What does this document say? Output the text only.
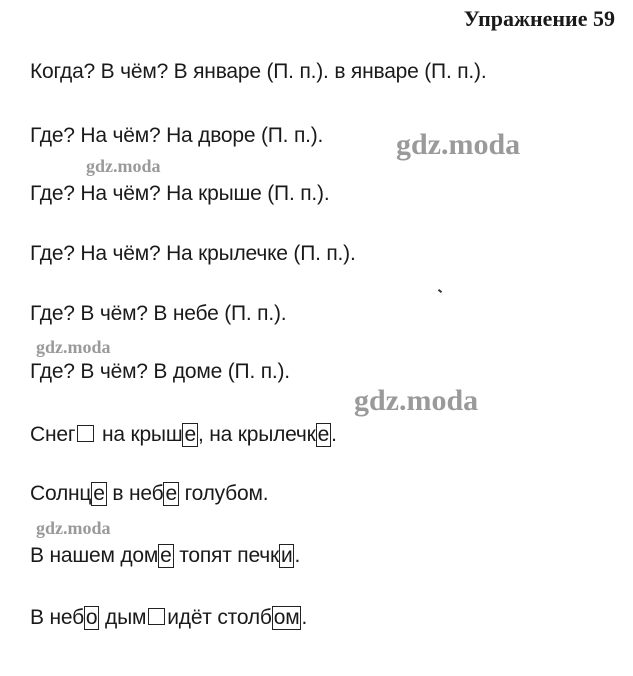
Упражнение 59
Когда? В чём? В январе (П. п.). в январе (П. п.).
Где? На чём? На дворе (П. п.).
Где? На чём? На крыше (П. п.).
Где? На чём? На крылечке (П. п.).
Где? В чём? В небе (П. п.).
Где? В чём? В доме (П. п.).
Снег на крыше, на крылечке.
Солнце в небе голубом.
В нашем доме топят печки.
В небо дым идёт столбом.
gdz.moda
gdz.moda
gdz.moda
gdz.moda
gdz.moda
